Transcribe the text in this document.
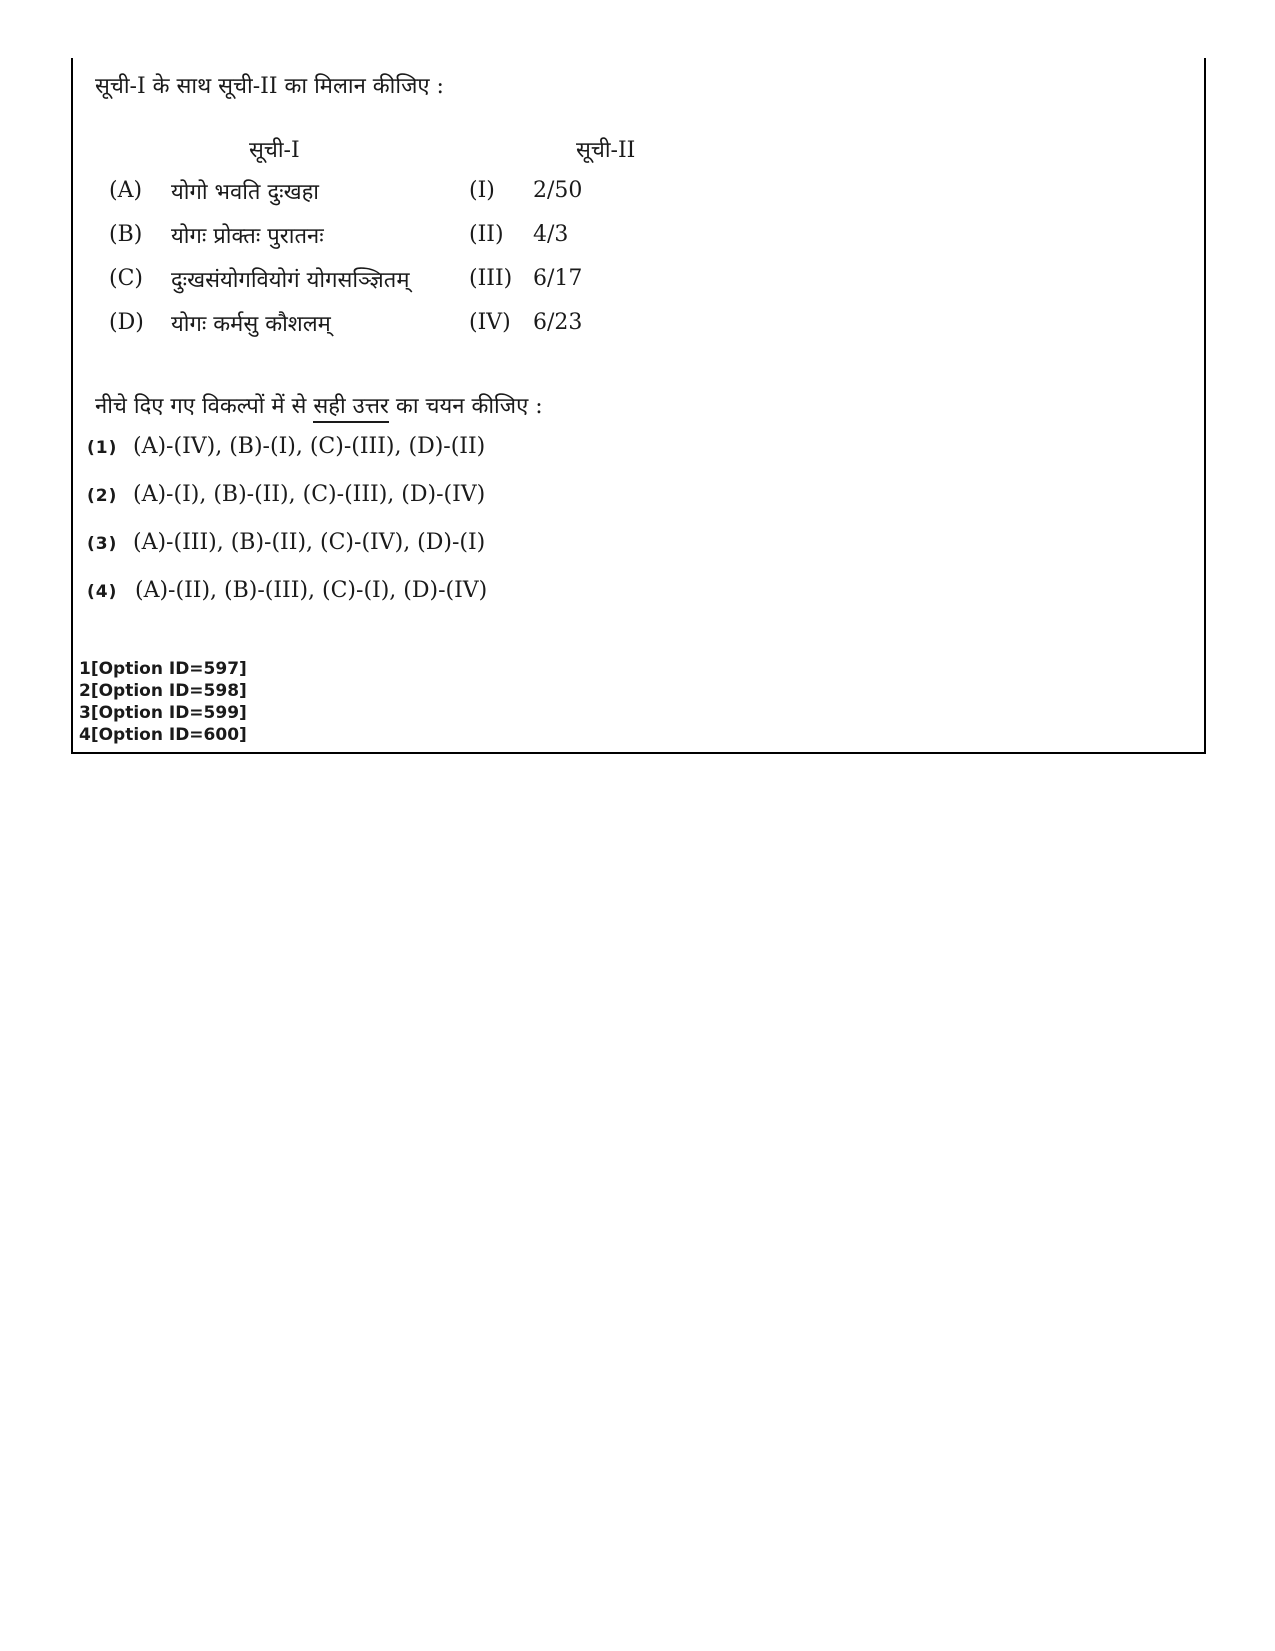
सूची-I के साथ सूची-II का मिलान कीजिए :
सूची-I	सूची-II
(A) योगो भवति दुःखहा	(I) 2/50
(B) योगः प्रोक्तः पुरातनः	(II) 4/3
(C) दुःखसंयोगवियोगं योगसञ्ज्ञितम्	(III) 6/17
(D) योगः कर्मसु कौशलम्	(IV) 6/23
नीचे दिए गए विकल्पों में से सही उत्तर का चयन कीजिए :
(1) (A)-(IV), (B)-(I), (C)-(III), (D)-(II)
(2) (A)-(I), (B)-(II), (C)-(III), (D)-(IV)
(3) (A)-(III), (B)-(II), (C)-(IV), (D)-(I)
(4) (A)-(II), (B)-(III), (C)-(I), (D)-(IV)
1[Option ID=597]
2[Option ID=598]
3[Option ID=599]
4[Option ID=600]
